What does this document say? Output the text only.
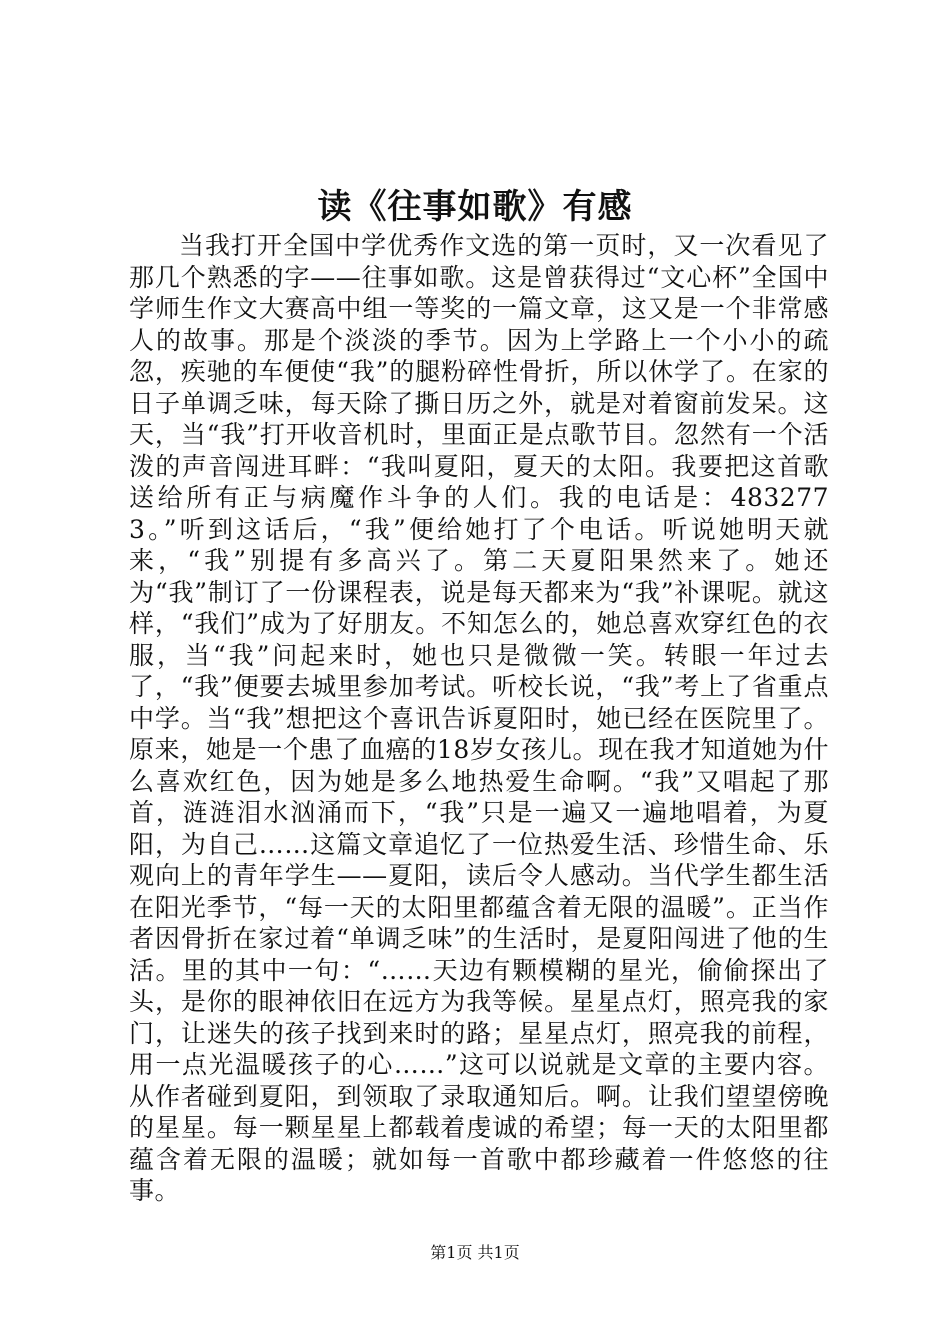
读《往事如歌》有感

当我打开全国中学优秀作文选的第一页时，又一次看见了那几个熟悉的字——往事如歌。这是曾获得过“文心杯”全国中学师生作文大赛高中组一等奖的一篇文章，这又是一个非常感人的故事。那是个淡淡的季节。因为上学路上一个小小的疏忽，疾驰的车便使“我”的腿粉碎性骨折，所以休学了。在家的日子单调乏味，每天除了撕日历之外，就是对着窗前发呆。这天，当“我”打开收音机时，里面正是点歌节目。忽然有一个活泼的声音闯进耳畔：“我叫夏阳，夏天的太阳。我要把这首歌送给所有正与病魔作斗争的人们。我的电话是：4832773。”听到这话后，“我”便给她打了个电话。听说她明天就来，“我”别提有多高兴了。第二天夏阳果然来了。她还为“我”制订了一份课程表，说是每天都来为“我”补课呢。就这样，“我们”成为了好朋友。不知怎么的，她总喜欢穿红色的衣服，当“我”问起来时，她也只是微微一笑。转眼一年过去了，“我”便要去城里参加考试。听校长说，“我”考上了省重点中学。当“我”想把这个喜讯告诉夏阳时，她已经在医院里了。原来，她是一个患了血癌的18岁女孩儿。现在我才知道她为什么喜欢红色，因为她是多么地热爱生命啊。“我”又唱起了那首，涟涟泪水汹涌而下，“我”只是一遍又一遍地唱着，为夏阳，为自己……这篇文章追忆了一位热爱生活、珍惜生命、乐观向上的青年学生——夏阳，读后令人感动。当代学生都生活在阳光季节，“每一天的太阳里都蕴含着无限的温暖”。正当作者因骨折在家过着“单调乏味”的生活时，是夏阳闯进了他的生活。里的其中一句：“……天边有颗模糊的星光，偷偷探出了头，是你的眼神依旧在远方为我等候。星星点灯，照亮我的家门，让迷失的孩子找到来时的路；星星点灯，照亮我的前程，用一点光温暖孩子的心……”这可以说就是文章的主要内容。从作者碰到夏阳，到领取了录取通知后。啊。让我们望望傍晚的星星。每一颗星星上都载着虔诚的希望；每一天的太阳里都蕴含着无限的温暖；就如每一首歌中都珍藏着一件悠悠的往事。

第1页 共1页
